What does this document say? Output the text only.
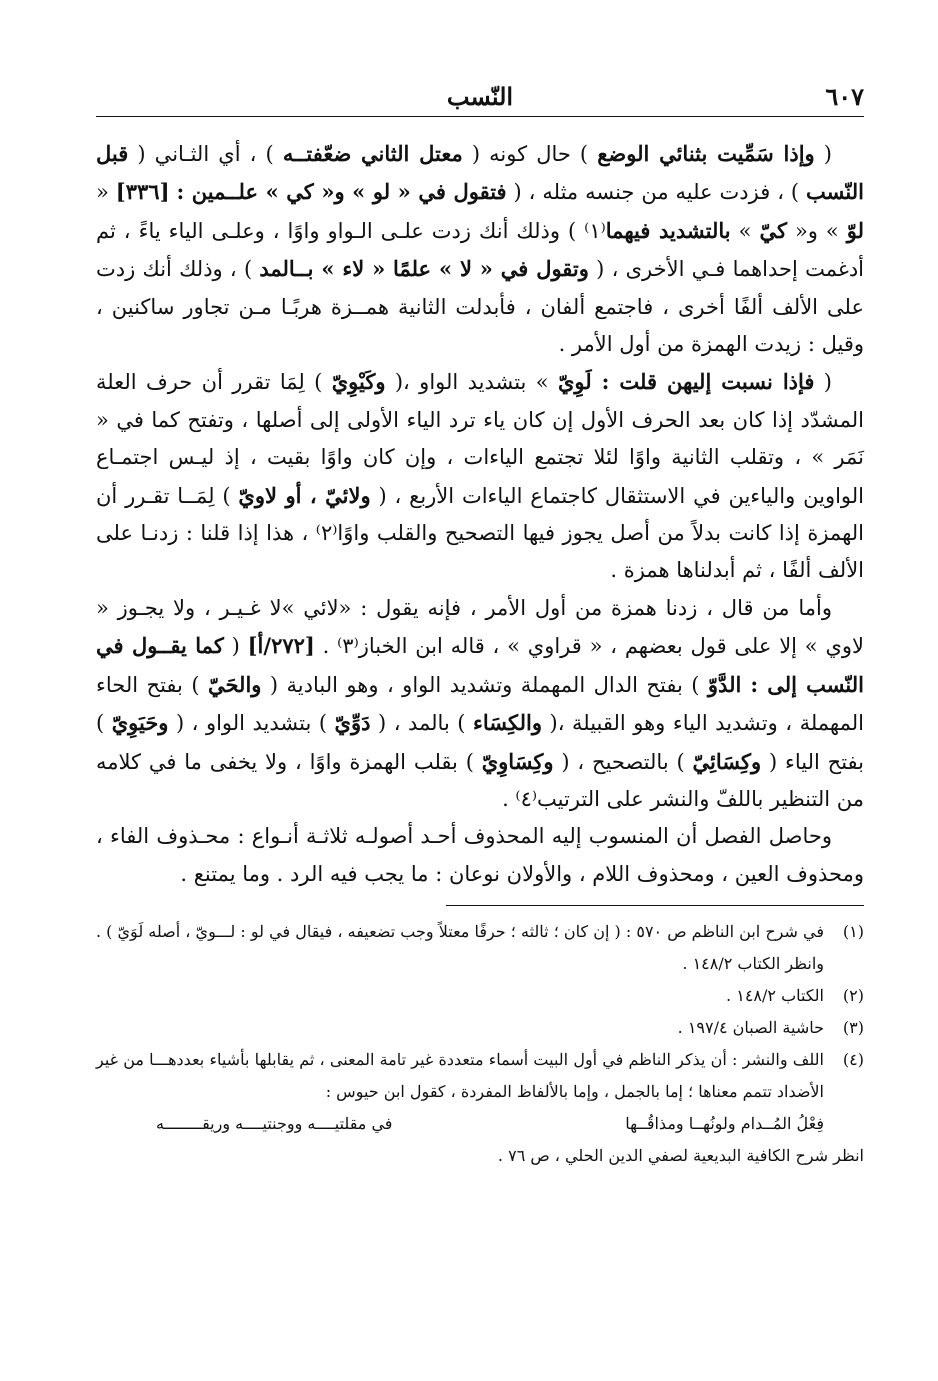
٦٠٧
النّسب

( وإذا سَمِّيت بثنائي الوضع ) حال كونه ( معتل الثاني ضعّفتــه ) ، أي الثـاني ( قبل النّسب ) ، فزدت عليه من جنسه مثله ، ( فتقول في « لو » و« كي » علــمين : [٣٣٦] « لوّ » و« كيّ » بالتشديد فيهما⁽١⁾ ) وذلك أنك زدت علـى الـواو واوًا ، وعلـى الياء ياءً ، ثم أدغمت إحداهما فـي الأخرى ، ( وتقول في « لا » علمًا « لاء » بــالمد ) ، وذلك أنك زدت على الألف ألفًا أخرى ، فاجتمع ألفان ، فأبدلت الثانية همــزة هربًـا مـن تجاور ساكنين ، وقيل : زيدت الهمزة من أول الأمر .

( فإذا نسبت إليهن قلت : لَوِيّ » بتشديد الواو ،( وكَيْوِيّ ) لِمَا تقرر أن حرف العلة المشدّد إذا كان بعد الحرف الأول إن كان ياء ترد الياء الأولى إلى أصلها ، وتفتح كما في « نَمَر » ، وتقلب الثانية واوًا لئلا تجتمع الياءات ، وإن كان واوًا بقيت ، إذ ليـس اجتمـاع الواوين والياءين في الاستثقال كاجتماع الياءات الأربع ، ( ولائيّ ، أو لاويّ ) لِمَــا تقـرر أن الهمزة إذا كانت بدلاً من أصل يجوز فيها التصحيح والقلب واوًا⁽٢⁾ ، هذا إذا قلنا : زدنـا على الألف ألفًا ، ثم أبدلناها همزة .

وأما من قال ، زدنا همزة من أول الأمر ، فإنه يقول : «لائي »لا غـيـر ، ولا يجـوز « لاوي » إلا على قول بعضهم ، « قراوي » ، قاله ابن الخباز⁽٣⁾ . [٢٧٢/أ] ( كما يقــول في النّسب إلى : الدَّوّ ) بفتح الدال المهملة وتشديد الواو ، وهو البادية ( والحَيّ ) بفتح الحاء المهملة ، وتشديد الياء وهو القبيلة ،( والكِسَاء ) بالمد ، ( دَوِّيّ ) بتشديد الواو ، ( وحَيَوِيّ ) بفتح الياء ( وكِسَائِيّ ) بالتصحيح ، ( وكِسَاوِيّ ) بقلب الهمزة واوًا ، ولا يخفى ما في كلامه من التنظير باللفّ والنشر على الترتيب⁽٤⁾ .

وحاصل الفصل أن المنسوب إليه المحذوف أحـد أصولـه ثلاثـة أنـواع : محـذوف الفاء ، ومحذوف العين ، ومحذوف اللام ، والأولان نوعان : ما يجب فيه الرد . وما يمتنع .

(١)
في شرح ابن الناظم ص ٥٧٠ : ( إن كان ؛ ثالثه ؛ حرفًا معتلاً وجب تضعيفه ، فيقال في لو : لـــويّ ، أصله لَوَيّ ) . وانظر الكتاب ١٤٨/٢ .
(٢)
الكتاب ١٤٨/٢ .
(٣)
حاشية الصبان ١٩٧/٤ .
(٤)
اللف والنشر : أن يذكر الناظم في أول البيت أسماء متعددة غير تامة المعنى ، ثم يقابلها بأشياء بعددهـــا من غير الأضداد تتمم معناها ؛ إما بالجمل ، وإما بالألفاظ المفردة ، كقول ابن حيوس :
فِعْلُ المُــدام ولونُهــا ومذاقُــها
في مقلتيــــه ووجنتيــــه وريقــــــــه
انظر شرح الكافية البديعية لصفي الدين الحلي ، ص ٧٦ .
